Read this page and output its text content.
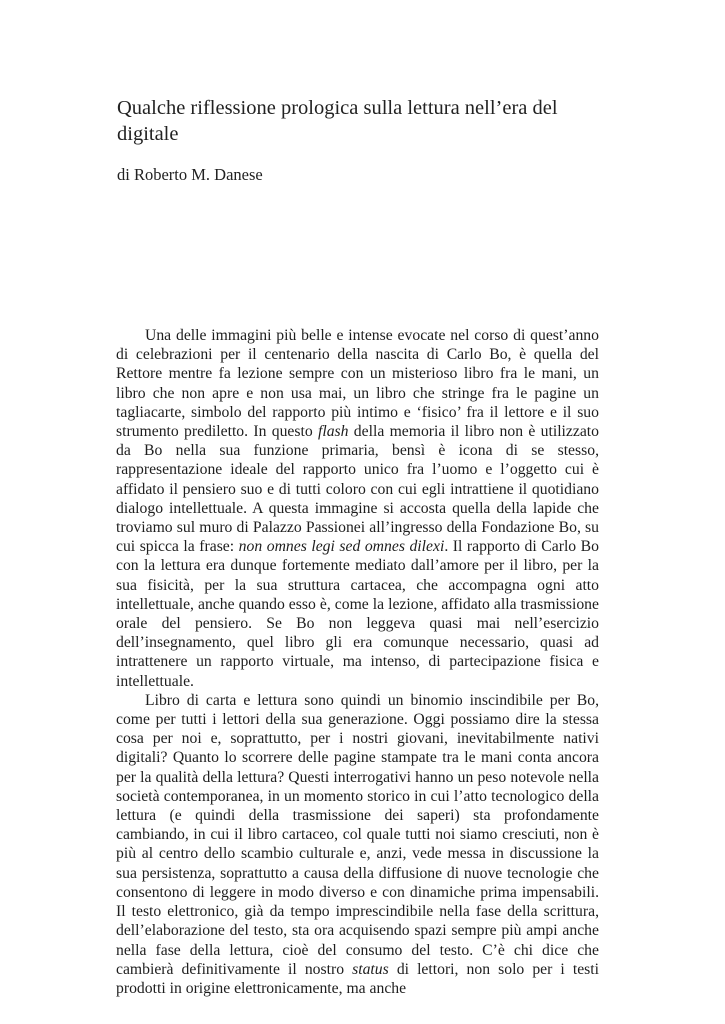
Qualche riflessione prologica sulla lettura nell’era del digitale

di Roberto M. Danese

Una delle immagini più belle e intense evocate nel corso di quest’anno di celebrazioni per il centenario della nascita di Carlo Bo, è quella del Rettore mentre fa lezione sempre con un misterioso libro fra le mani, un libro che non apre e non usa mai, un libro che stringe fra le pagine un tagliacarte, simbolo del rapporto più intimo e ‘fisico’ fra il lettore e il suo strumento prediletto. In questo flash della memoria il libro non è utilizzato da Bo nella sua funzione primaria, bensì è icona di se stesso, rappresentazione ideale del rapporto unico fra l’uomo e l’oggetto cui è affidato il pensiero suo e di tutti coloro con cui egli intrattiene il quotidiano dialogo intellettuale. A questa immagine si accosta quella della lapide che troviamo sul muro di Palazzo Passionei all’ingresso della Fondazione Bo, su cui spicca la frase: non omnes legi sed omnes dilexi. Il rapporto di Carlo Bo con la lettura era dunque fortemente mediato dall’amore per il libro, per la sua fisicità, per la sua struttura cartacea, che accompagna ogni atto intellettuale, anche quando esso è, come la lezione, affidato alla trasmissione orale del pensiero. Se Bo non leggeva quasi mai nell’esercizio dell’insegnamento, quel libro gli era comunque necessario, quasi ad intrattenere un rapporto virtuale, ma intenso, di partecipazione fisica e intellettuale.

Libro di carta e lettura sono quindi un binomio inscindibile per Bo, come per tutti i lettori della sua generazione. Oggi possiamo dire la stessa cosa per noi e, soprattutto, per i nostri giovani, inevitabilmente nativi digitali? Quanto lo scorrere delle pagine stampate tra le mani conta ancora per la qualità della lettura? Questi interrogativi hanno un peso notevole nella società contemporanea, in un momento storico in cui l’atto tecnologico della lettura (e quindi della trasmissione dei saperi) sta profondamente cambiando, in cui il libro cartaceo, col quale tutti noi siamo cresciuti, non è più al centro dello scambio culturale e, anzi, vede messa in discussione la sua persistenza, soprattutto a causa della diffusione di nuove tecnologie che consentono di leggere in modo diverso e con dinamiche prima impensabili. Il testo elettronico, già da tempo imprescindibile nella fase della scrittura, dell’elaborazione del testo, sta ora acquisendo spazi sempre più ampi anche nella fase della lettura, cioè del consumo del testo. C’è chi dice che cambierà definitivamente il nostro status di lettori, non solo per i testi prodotti in origine elettronicamente, ma anche
